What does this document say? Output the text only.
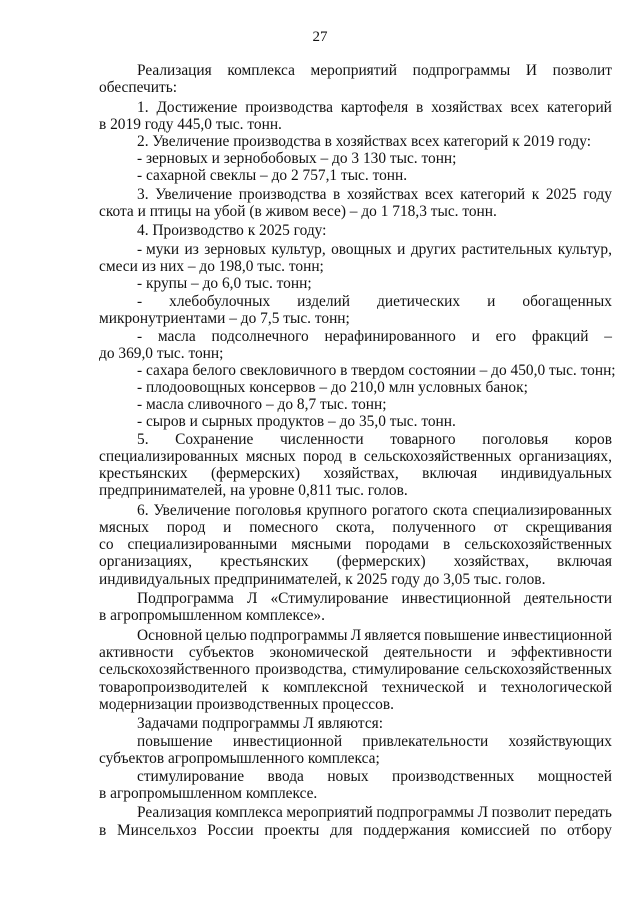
27
Реализация комплекса мероприятий подпрограммы И позволит
обеспечить:
1. Достижение производства картофеля в хозяйствах всех категорий
в 2019 году 445,0 тыс. тонн.
2. Увеличение производства в хозяйствах всех категорий к 2019 году:
- зерновых и зернобобовых – до 3 130 тыс. тонн;
- сахарной свеклы – до 2 757,1 тыс. тонн.
3. Увеличение производства в хозяйствах всех категорий к 2025 году
скота и птицы на убой (в живом весе) – до 1 718,3 тыс. тонн.
4. Производство к 2025 году:
- муки из зерновых культур, овощных и других растительных культур,
смеси из них – до 198,0 тыс. тонн;
- крупы – до 6,0 тыс. тонн;
- хлебобулочных изделий диетических и обогащенных
микронутриентами – до 7,5 тыс. тонн;
- масла подсолнечного нерафинированного и его фракций –
до 369,0 тыс. тонн;
- сахара белого свекловичного в твердом состоянии – до 450,0 тыс. тонн;
- плодоовощных консервов – до 210,0 млн условных банок;
- масла сливочного – до 8,7 тыс. тонн;
- сыров и сырных продуктов – до 35,0 тыс. тонн.
5. Сохранение численности товарного поголовья коров
специализированных мясных пород в сельскохозяйственных организациях,
крестьянских (фермерских) хозяйствах, включая индивидуальных
предпринимателей, на уровне 0,811 тыс. голов.
6. Увеличение поголовья крупного рогатого скота специализированных
мясных пород и помесного скота, полученного от скрещивания
со специализированными мясными породами в сельскохозяйственных
организациях, крестьянских (фермерских) хозяйствах, включая
индивидуальных предпринимателей, к 2025 году до 3,05 тыс. голов.
Подпрограмма Л «Стимулирование инвестиционной деятельности
в агропромышленном комплексе».
Основной целью подпрограммы Л является повышение инвестиционной
активности субъектов экономической деятельности и эффективности
сельскохозяйственного производства, стимулирование сельскохозяйственных
товаропроизводителей к комплексной технической и технологической
модернизации производственных процессов.
Задачами подпрограммы Л являются:
повышение инвестиционной привлекательности хозяйствующих
субъектов агропромышленного комплекса;
стимулирование ввода новых производственных мощностей
в агропромышленном комплексе.
Реализация комплекса мероприятий подпрограммы Л позволит передать
в Минсельхоз России проекты для поддержания комиссией по отбору
